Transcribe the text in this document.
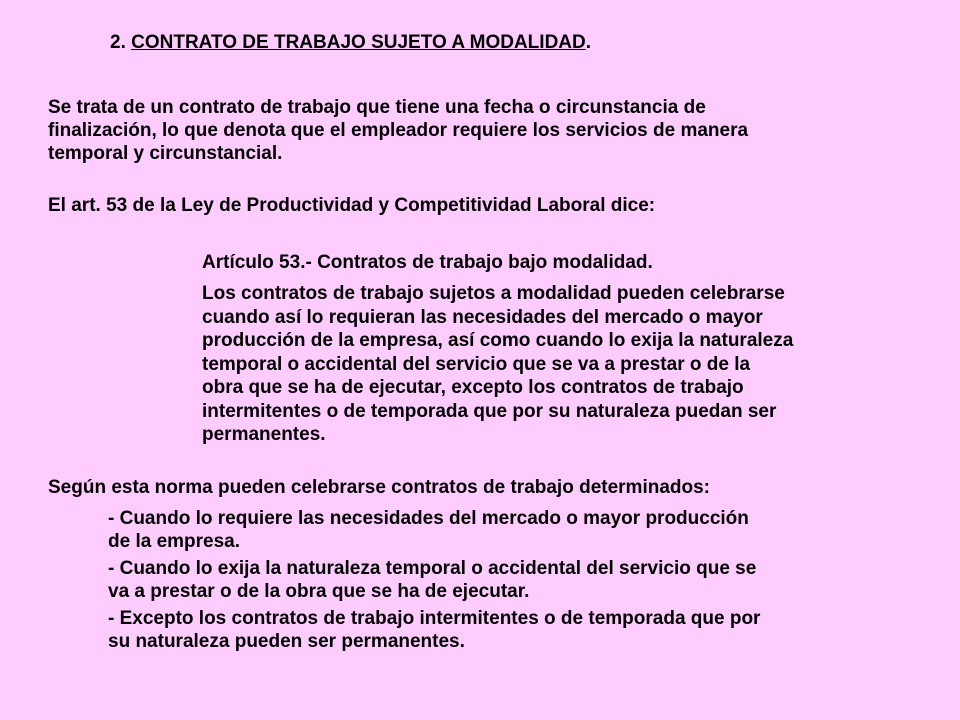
2. CONTRATO DE TRABAJO SUJETO A MODALIDAD.

Se trata de un contrato de trabajo que tiene una fecha o circunstancia de
finalización, lo que denota que el empleador requiere los servicios de manera
temporal y circunstancial.

El art. 53 de la Ley de Productividad y Competitividad Laboral dice:

Artículo 53.- Contratos de trabajo bajo modalidad.

Los contratos de trabajo sujetos a modalidad pueden celebrarse
cuando así lo requieran las necesidades del mercado o mayor
producción de la empresa, así como cuando lo exija la naturaleza
temporal o accidental del servicio que se va a prestar o de la
obra que se ha de ejecutar, excepto los contratos de trabajo
intermitentes o de temporada que por su naturaleza puedan ser
permanentes.

Según esta norma pueden celebrarse contratos de trabajo determinados:

- Cuando lo requiere las necesidades del mercado o mayor producción
de la empresa.

- Cuando lo exija la naturaleza temporal o accidental del servicio que se
va a prestar o de la obra que se ha de ejecutar.

- Excepto los contratos de trabajo intermitentes o de temporada que por
su naturaleza pueden ser permanentes.
